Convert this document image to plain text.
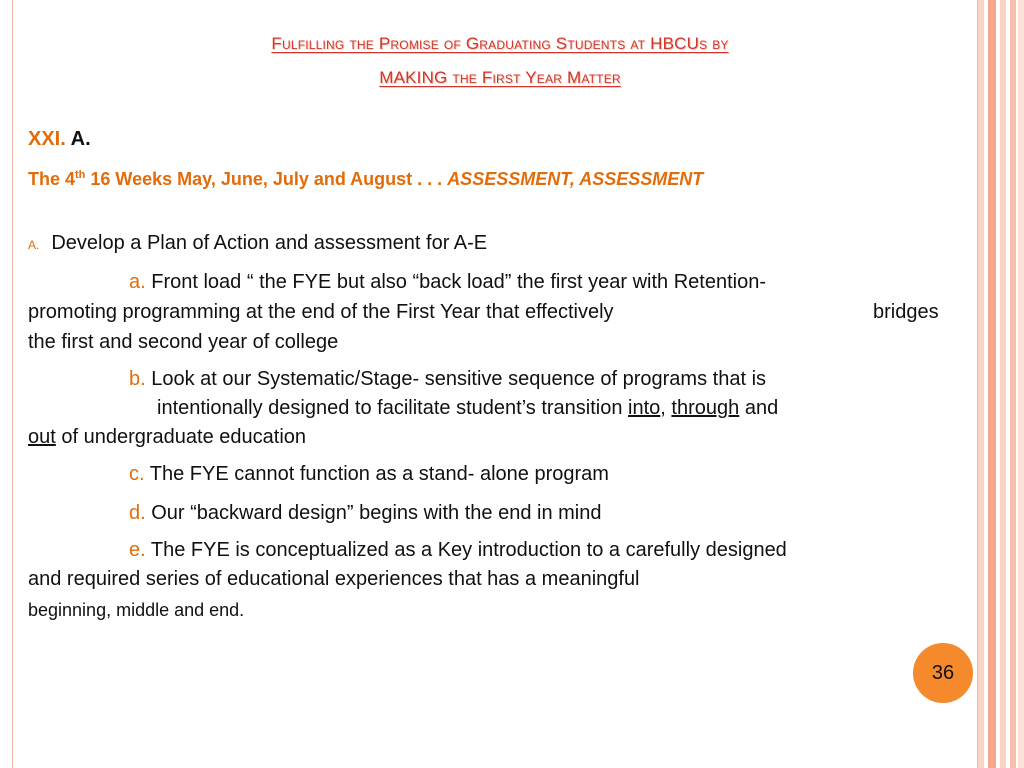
Fulfilling the Promise of Graduating Students at HBCUs by
MAKING the First Year Matter
XXI. A.
The 4th 16 Weeks May, June, July and August . . . ASSESSMENT, ASSESSMENT
A. Develop a Plan of Action and assessment for A-E
a. Front load “ the FYE but also “back load” the first year with Retention-
promoting programming at the end of the First Year that effectively	bridges
the first and second year of college
b. Look at our Systematic/Stage- sensitive sequence of programs that is
intentionally designed to facilitate student’s transition into, through and
out of undergraduate education
c. The FYE cannot function as a stand- alone program
d. Our “backward design” begins with the end in mind
e. The FYE is conceptualized as a Key introduction to a carefully designed
and required series of educational experiences that has a meaningful
beginning, middle and end.
36
